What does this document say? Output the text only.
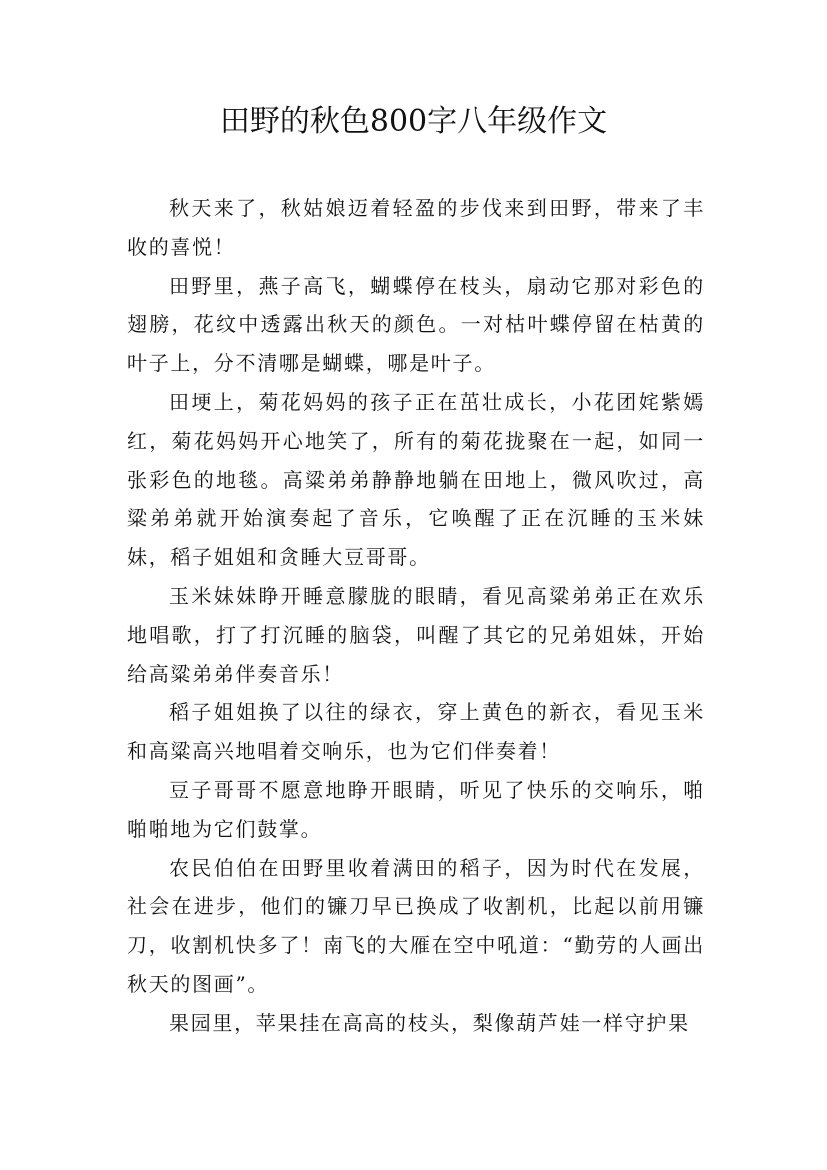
田野的秋色800字八年级作文

秋天来了，秋姑娘迈着轻盈的步伐来到田野，带来了丰收的喜悦！

田野里，燕子高飞，蝴蝶停在枝头，扇动它那对彩色的翅膀，花纹中透露出秋天的颜色。一对枯叶蝶停留在枯黄的叶子上，分不清哪是蝴蝶，哪是叶子。

田埂上，菊花妈妈的孩子正在茁壮成长，小花团姹紫嫣红，菊花妈妈开心地笑了，所有的菊花拢聚在一起，如同一张彩色的地毯。高粱弟弟静静地躺在田地上，微风吹过，高粱弟弟就开始演奏起了音乐，它唤醒了正在沉睡的玉米妹妹，稻子姐姐和贪睡大豆哥哥。

玉米妹妹睁开睡意朦胧的眼睛，看见高粱弟弟正在欢乐地唱歌，打了打沉睡的脑袋，叫醒了其它的兄弟姐妹，开始给高粱弟弟伴奏音乐！

稻子姐姐换了以往的绿衣，穿上黄色的新衣，看见玉米和高粱高兴地唱着交响乐，也为它们伴奏着！

豆子哥哥不愿意地睁开眼睛，听见了快乐的交响乐，啪啪啪地为它们鼓掌。

农民伯伯在田野里收着满田的稻子，因为时代在发展，社会在进步，他们的镰刀早已换成了收割机，比起以前用镰刀，收割机快多了！南飞的大雁在空中吼道：“勤劳的人画出秋天的图画”。

果园里，苹果挂在高高的枝头，梨像葫芦娃一样守护果
